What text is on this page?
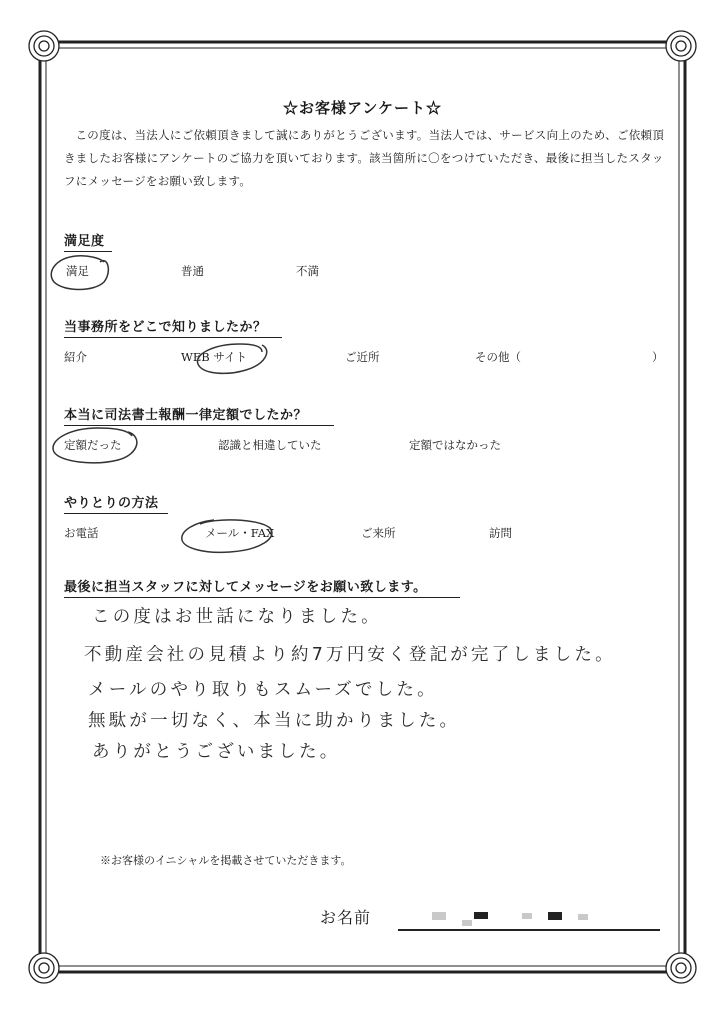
☆お客様アンケート☆
この度は、当法人にご依頼頂きまして誠にありがとうございます。当法人では、サービス向上のため、ご依頼頂きましたお客様にアンケートのご協力を頂いております。該当箇所に〇をつけていただき、最後に担当したスタッフにメッセージをお願い致します。
満足度
満足	普通	不満
当事務所をどこで知りましたか？
紹介	WEB サイト	ご近所	その他（	）
本当に司法書士報酬一律定額でしたか？
定額だった	認識と相違していた	定額ではなかった
やりとりの方法
お電話	メール・FAX	ご来所	訪問
最後に担当スタッフに対してメッセージをお願い致します。
この度はお世話になりました。
不動産会社の見積より約7万円安く登記が完了しました。
メールのやり取りもスムーズでした。
無駄が一切なく、本当に助かりました。
ありがとうございました。
※お客様のイニシャルを掲載させていただきます。
お名前
